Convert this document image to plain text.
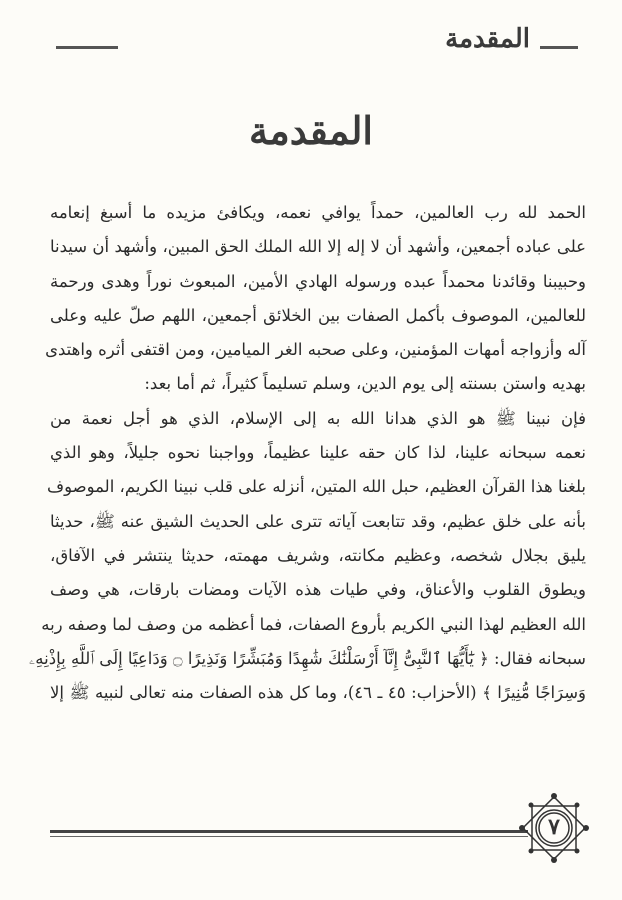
المقدمة
المقدمة
الحمد لله رب العالمين، حمداً يوافي نعمه، ويكافئ مزيده ما أسبغ إنعامه
على عباده أجمعين، وأشهد أن لا إله إلا الله الملك الحق المبين، وأشهد أن سيدنا
وحبيبنا وقائدنا محمداً عبده ورسوله الهادي الأمين، المبعوث نوراً وهدى ورحمة
للعالمين، الموصوف بأكمل الصفات بين الخلائق أجمعين، اللهم صلّ عليه وعلى
آله وأزواجه أمهات المؤمنين، وعلى صحبه الغر الميامين، ومن اقتفى أثره واهتدى
بهديه واستن بسنته إلى يوم الدين، وسلم تسليماً كثيراً، ثم أما بعد:
فإن نبينا ﷺ هو الذي هدانا الله به إلى الإسلام، الذي هو أجل نعمة من
نعمه سبحانه علينا، لذا كان حقه علينا عظيماً، وواجبنا نحوه جليلاً، وهو الذي
بلغنا هذا القرآن العظيم، حبل الله المتين، أنزله على قلب نبينا الكريم، الموصوف
بأنه على خلق عظيم، وقد تتابعت آياته تترى على الحديث الشيق عنه ﷺ، حديثا
يليق بجلال شخصه، وعظيم مكانته، وشريف مهمته، حديثا ينتشر في الآفاق،
ويطوق القلوب والأعناق، وفي طيات هذه الآيات ومضات بارقات، هي وصف
الله العظيم لهذا النبي الكريم بأروع الصفات، فما أعظمه من وصف لما وصفه ربه
سبحانه فقال: ﴿ يَٰٓأَيُّهَا ٱلنَّبِىُّ إِنَّآ أَرْسَلْنَٰكَ شَٰهِدًا وَمُبَشِّرًا وَنَذِيرًا ۝ وَدَاعِيًا إِلَى ٱللَّهِ بِإِذْنِهِۦ
وَسِرَاجًا مُّنِيرًا ﴾ (الأحزاب: ٤٥ ـ ٤٦)، وما كل هذه الصفات منه تعالى لنبيه ﷺ إلا
٧
